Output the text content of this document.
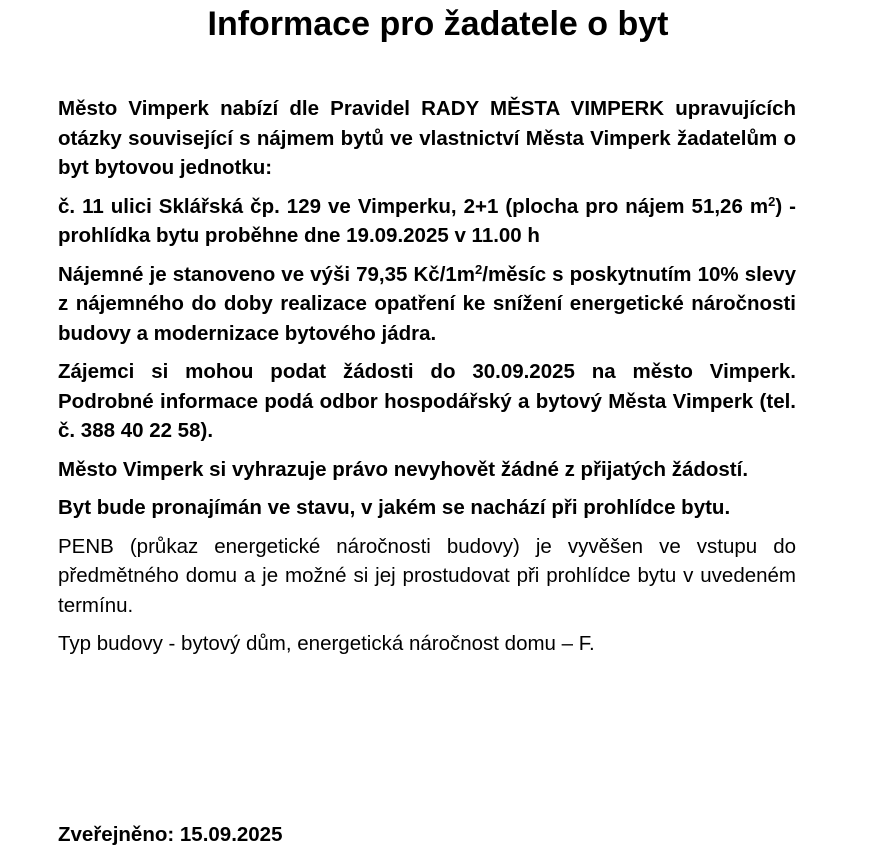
Informace pro žadatele o byt

Město Vimperk nabízí dle Pravidel RADY MĚSTA VIMPERK upravujících otázky související s nájmem bytů ve vlastnictví Města Vimperk žadatelům o byt bytovou jednotku:

č. 11 ulici Sklářská čp. 129 ve Vimperku, 2+1 (plocha pro nájem 51,26 $m^2$) - prohlídka bytu proběhne dne 19.09.2025 v 11.00 h

Nájemné je stanoveno ve výši 79,35 $Kč/1m^2$/měsíc s poskytnutím 10% slevy z nájemného do doby realizace opatření ke snížení energetické náročnosti budovy a modernizace bytového jádra.

Zájemci si mohou podat žádosti do 30.09.2025 na město Vimperk. Podrobné informace podá odbor hospodářský a bytový Města Vimperk (tel. č. 388 40 22 58).

Město Vimperk si vyhrazuje právo nevyhovět žádné z přijatých žádostí.

Byt bude pronajímán ve stavu, v jakém se nachází při prohlídce bytu.

PENB (průkaz energetické náročnosti budovy) je vyvěšen ve vstupu do předmětného domu a je možné si jej prostudovat při prohlídce bytu v uvedeném termínu.

Typ budovy - bytový dům, energetická náročnost domu – F.

Zveřejněno: 15.09.2025
